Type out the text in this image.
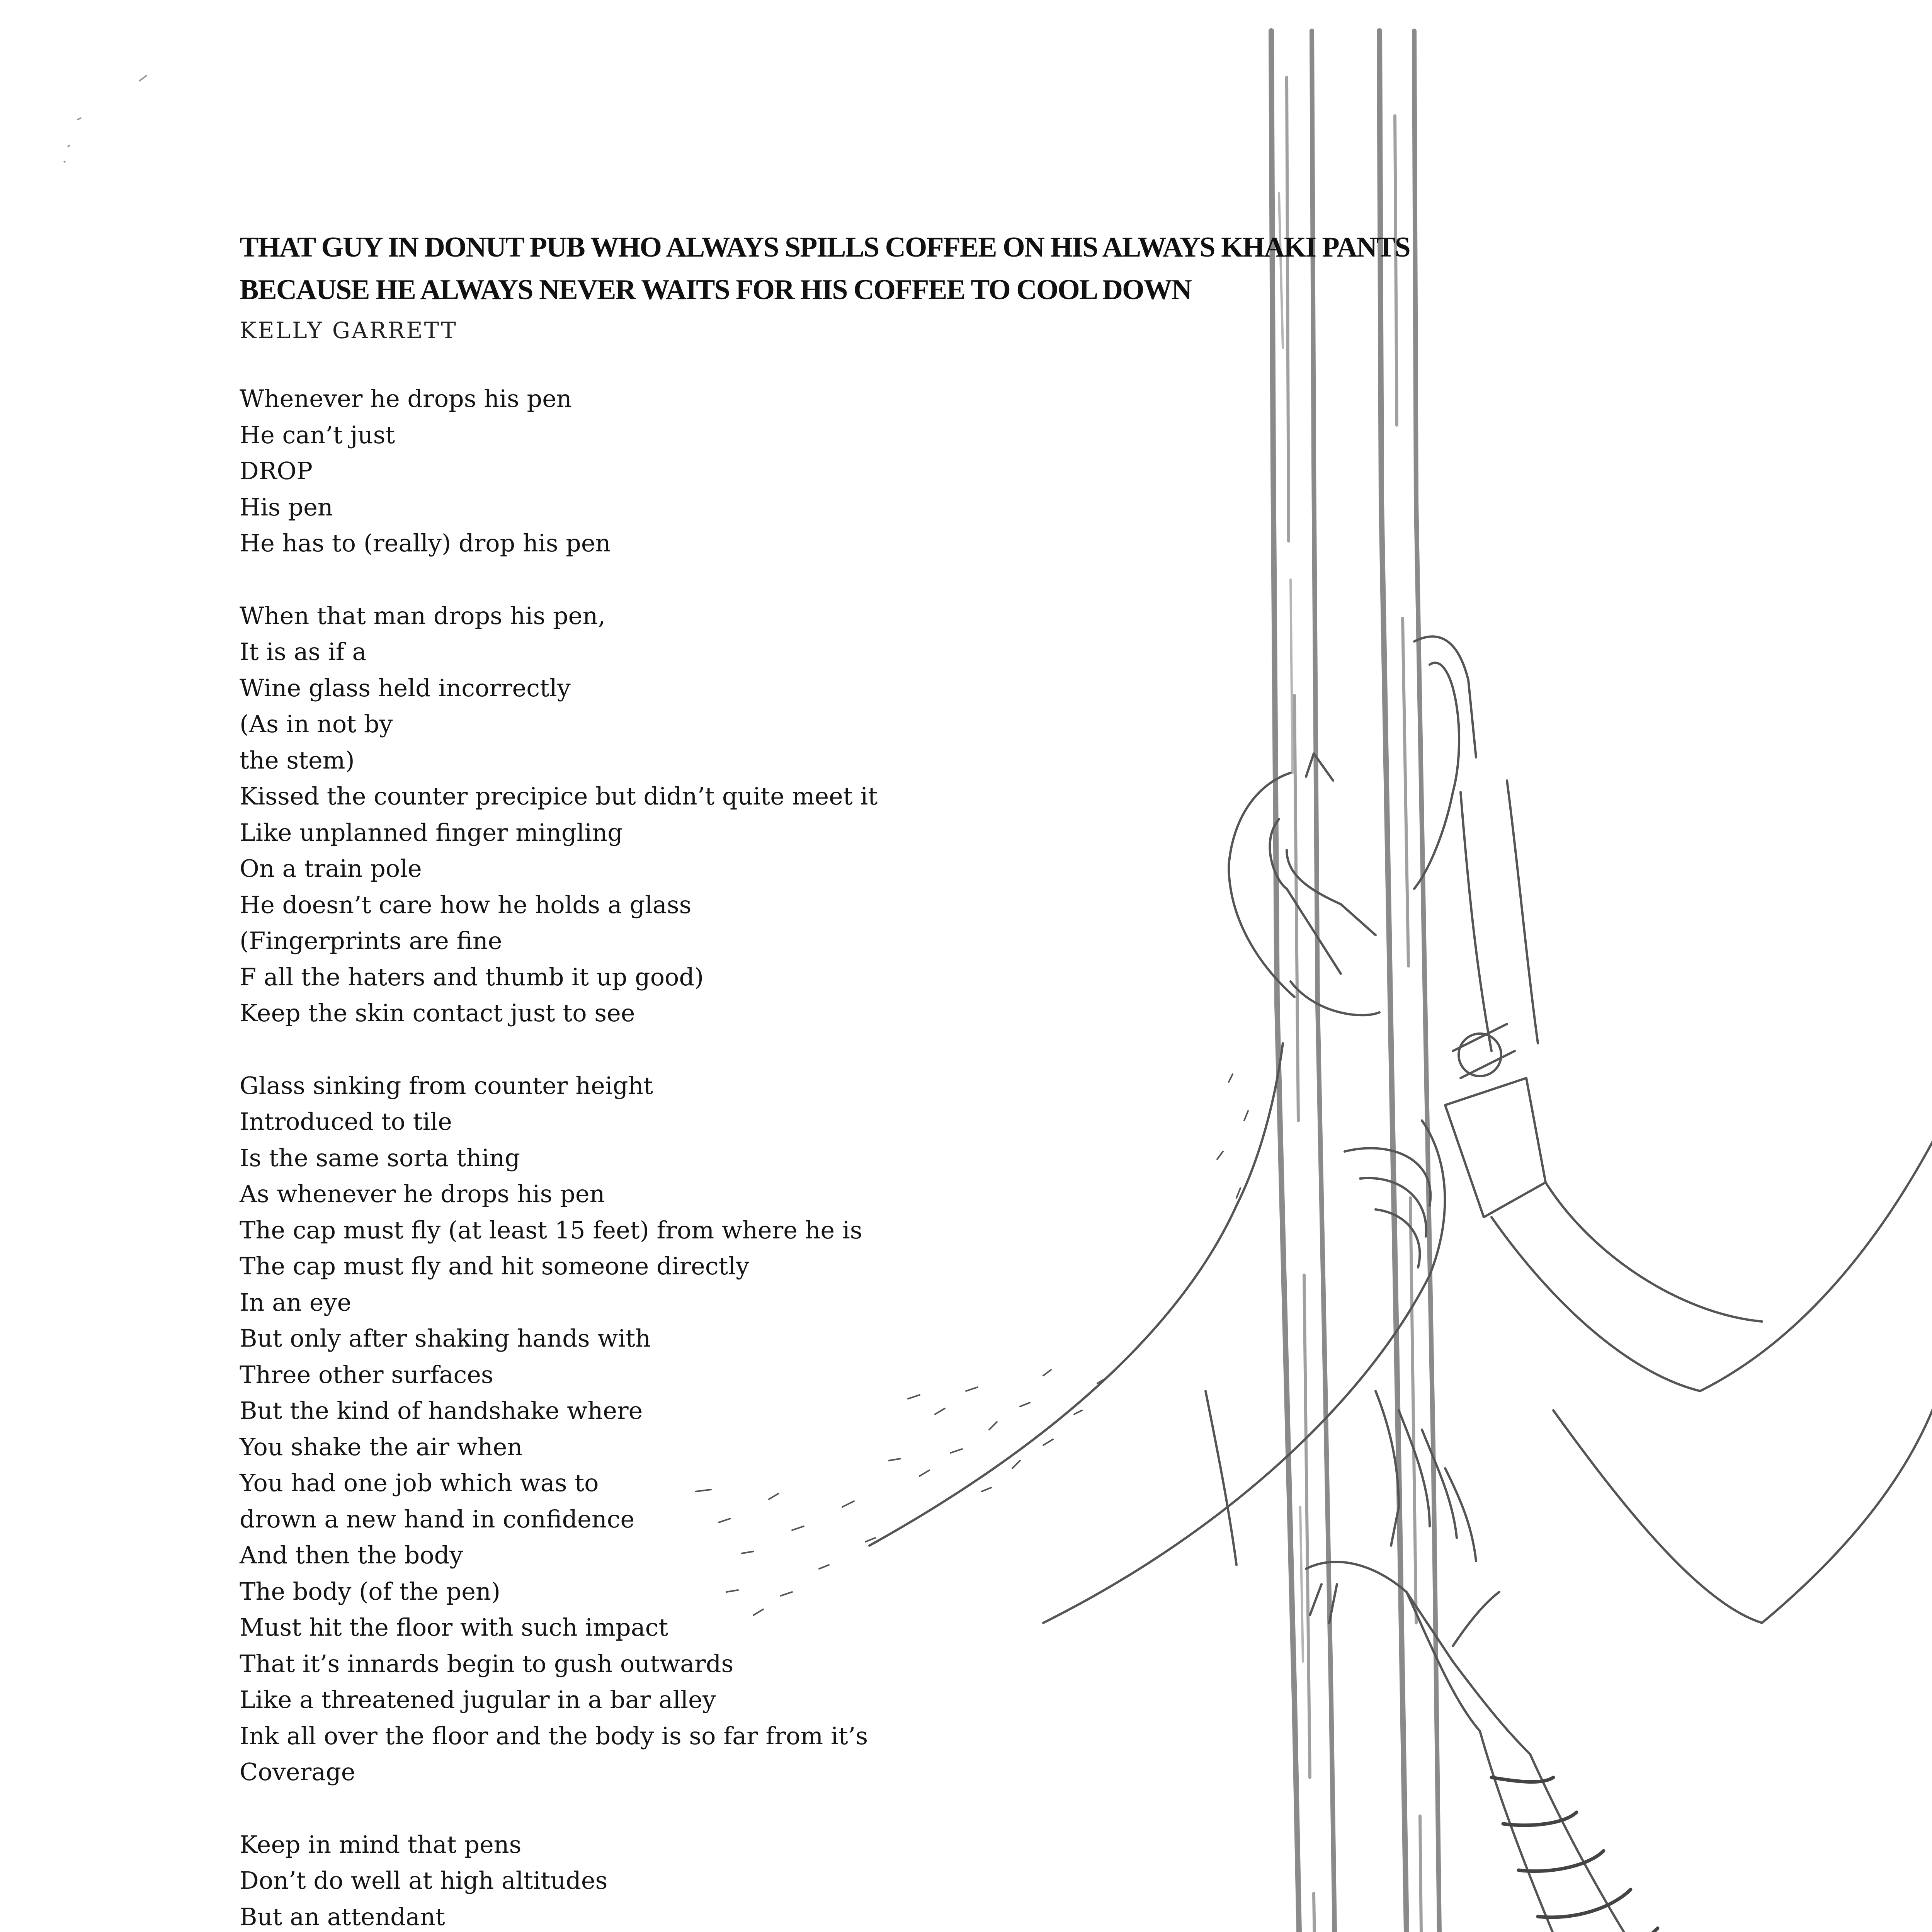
THAT GUY IN DONUT PUB WHO ALWAYS SPILLS COFFEE ON HIS ALWAYS KHAKI PANTS
BECAUSE HE ALWAYS NEVER WAITS FOR HIS COFFEE TO COOL DOWN

KELLY GARRETT

Whenever he drops his pen
He can’t just
DROP
His pen
He has to (really) drop his pen
When that man drops his pen,
It is as if a
Wine glass held incorrectly
(As in not by
the stem)
Kissed the counter precipice but didn’t quite meet it
Like unplanned finger mingling
On a train pole
He doesn’t care how he holds a glass
(Fingerprints are fine
F all the haters and thumb it up good)
Keep the skin contact just to see
Glass sinking from counter height
Introduced to tile
Is the same sorta thing
As whenever he drops his pen
The cap must fly (at least 15 feet) from where he is
The cap must fly and hit someone directly
In an eye
But only after shaking hands with
Three other surfaces
But the kind of handshake where
You shake the air when
You had one job which was to
drown a new hand in confidence
And then the body
The body (of the pen)
Must hit the floor with such impact
That it’s innards begin to gush outwards
Like a threatened jugular in a bar alley
Ink all over the floor and the body is so far from it’s
Coverage
Keep in mind that pens
Don’t do well at high altitudes
But an attendant
